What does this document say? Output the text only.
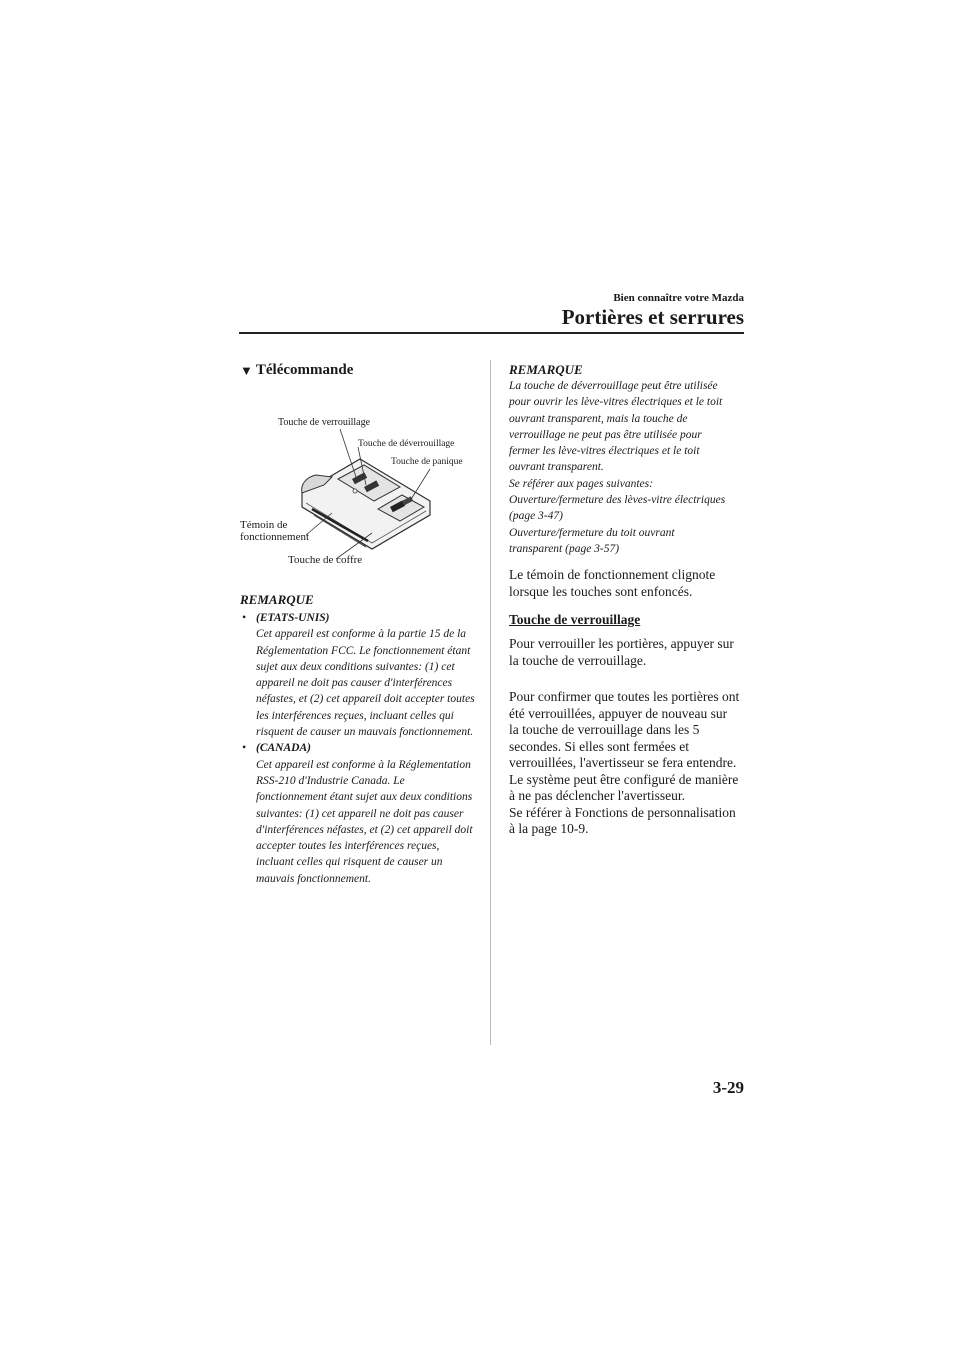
Bien connaître votre Mazda
Portières et serrures
▼ Télécommande
Touche de verrouillage
Touche de déverrouillage
Touche de panique
Témoin de
fonctionnement
Touche de coffre
REMARQUE
• (ETATS-UNIS)
Cet appareil est conforme à la partie 15 de la Réglementation FCC. Le fonctionnement étant sujet aux deux conditions suivantes: (1) cet appareil ne doit pas causer d'interférences néfastes, et (2) cet appareil doit accepter toutes les interférences reçues, incluant celles qui risquent de causer un mauvais fonctionnement.
• (CANADA)
Cet appareil est conforme à la Réglementation RSS-210 d'Industrie Canada. Le fonctionnement étant sujet aux deux conditions suivantes: (1) cet appareil ne doit pas causer d'interférences néfastes, et (2) cet appareil doit accepter toutes les interférences reçues, incluant celles qui risquent de causer un mauvais fonctionnement.
REMARQUE
La touche de déverrouillage peut être utilisée
pour ouvrir les lève-vitres électriques et le toit
ouvrant transparent, mais la touche de
verrouillage ne peut pas être utilisée pour
fermer les lève-vitres électriques et le toit
ouvrant transparent.
Se référer aux pages suivantes:
Ouverture/fermeture des lèves-vitre électriques
(page 3-47)
Ouverture/fermeture du toit ouvrant
transparent (page 3-57)
Le témoin de fonctionnement clignote lorsque les touches sont enfoncés.
Touche de verrouillage
Pour verrouiller les portières, appuyer sur la touche de verrouillage.
Pour confirmer que toutes les portières ont
été verrouillées, appuyer de nouveau sur
la touche de verrouillage dans les 5
secondes. Si elles sont fermées et
verrouillées, l'avertisseur se fera entendre.
Le système peut être configuré de manière
à ne pas déclencher l'avertisseur.
Se référer à Fonctions de personnalisation
à la page 10-9.
3-29
